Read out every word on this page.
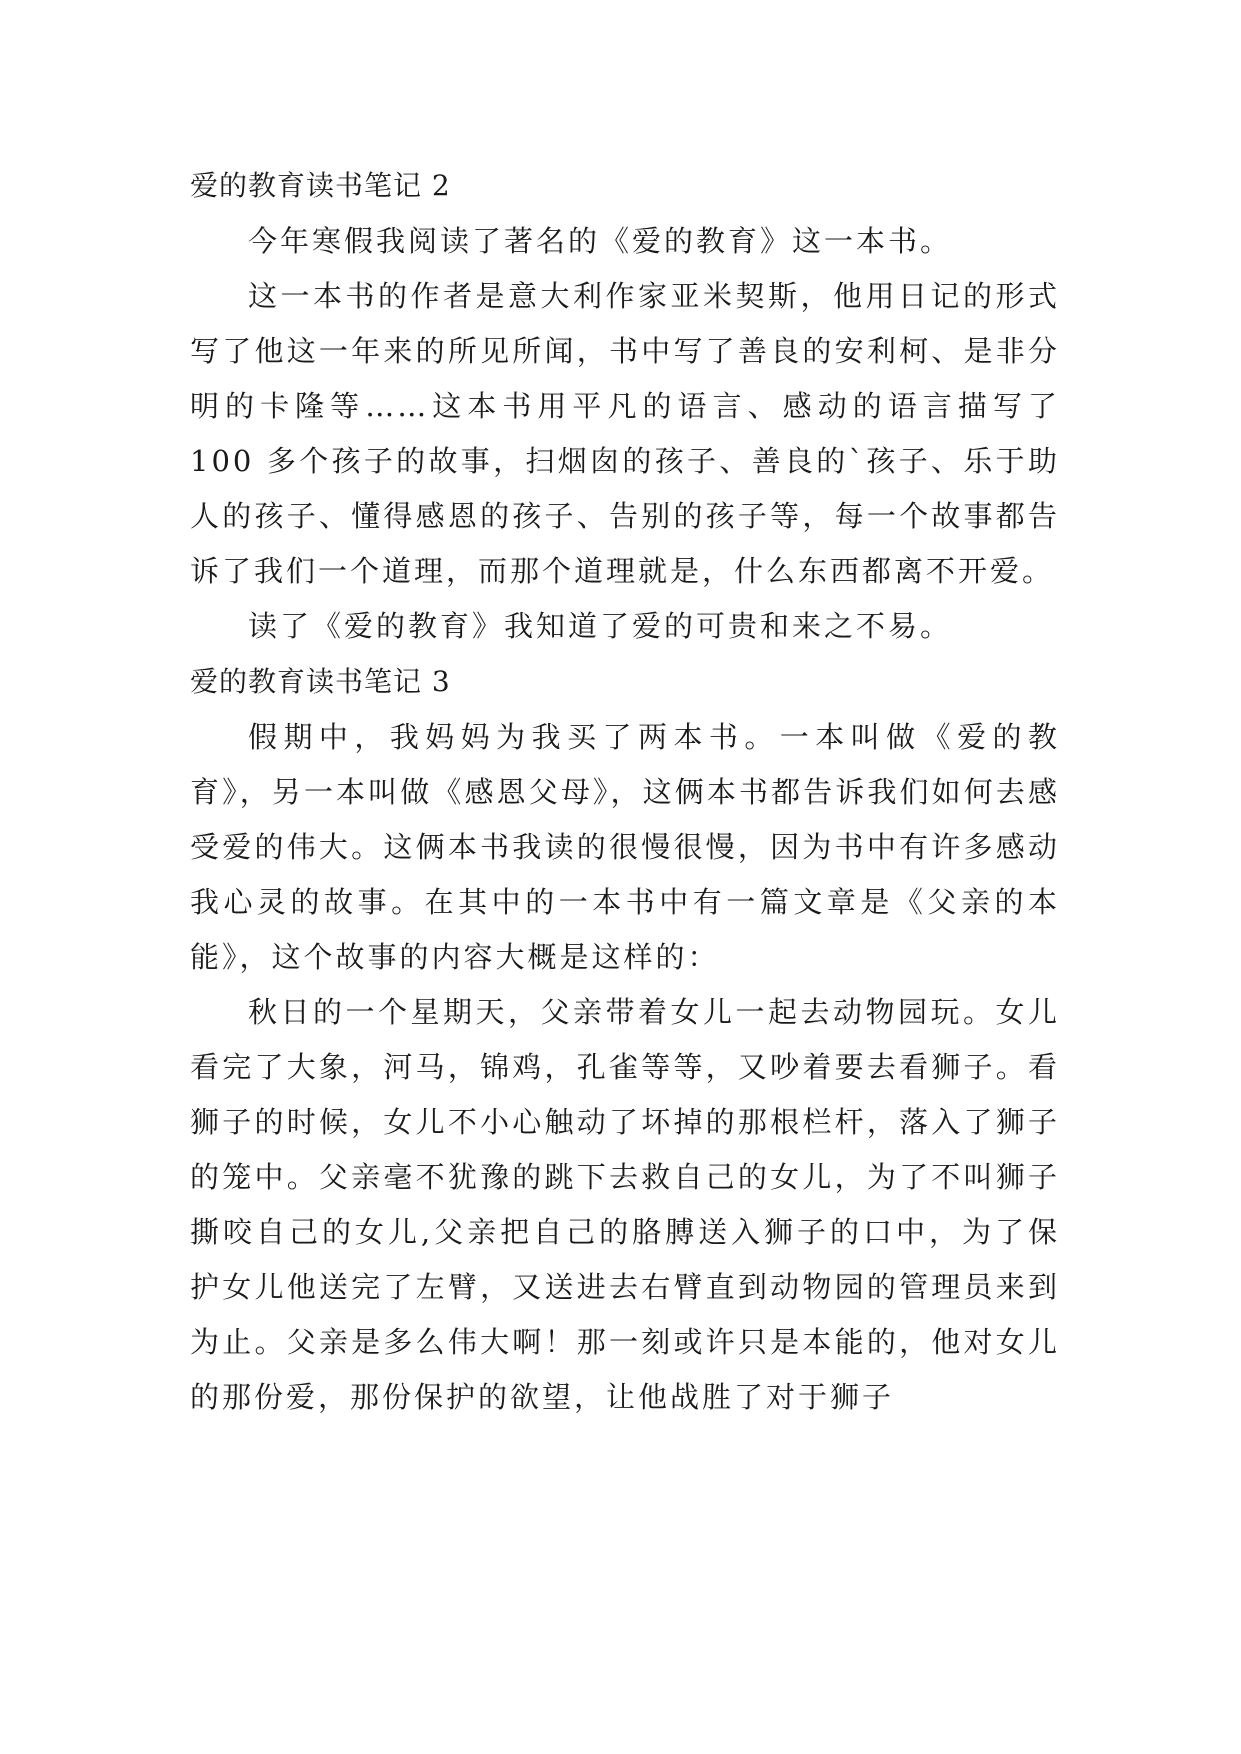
爱的教育读书笔记 2

今年寒假我阅读了著名的《爱的教育》这一本书。

这一本书的作者是意大利作家亚米契斯，他用日记的形式写了他这一年来的所见所闻，书中写了善良的安利柯、是非分明的卡隆等……这本书用平凡的语言、感动的语言描写了 100 多个孩子的故事，扫烟囱的孩子、善良的`孩子、乐于助人的孩子、懂得感恩的孩子、告别的孩子等，每一个故事都告诉了我们一个道理，而那个道理就是，什么东西都离不开爱。

读了《爱的教育》我知道了爱的可贵和来之不易。

爱的教育读书笔记 3

假期中，我妈妈为我买了两本书。一本叫做《爱的教育》，另一本叫做《感恩父母》，这俩本书都告诉我们如何去感受爱的伟大。这俩本书我读的很慢很慢，因为书中有许多感动我心灵的故事。在其中的一本书中有一篇文章是《父亲的本能》，这个故事的内容大概是这样的：

秋日的一个星期天，父亲带着女儿一起去动物园玩。女儿看完了大象，河马，锦鸡，孔雀等等，又吵着要去看狮子。看狮子的时候，女儿不小心触动了坏掉的那根栏杆，落入了狮子的笼中。父亲毫不犹豫的跳下去救自己的女儿，为了不叫狮子撕咬自己的女儿,父亲把自己的胳膊送入狮子的口中，为了保护女儿他送完了左臂，又送进去右臂直到动物园的管理员来到为止。父亲是多么伟大啊！那一刻或许只是本能的，他对女儿的那份爱，那份保护的欲望，让他战胜了对于狮子
